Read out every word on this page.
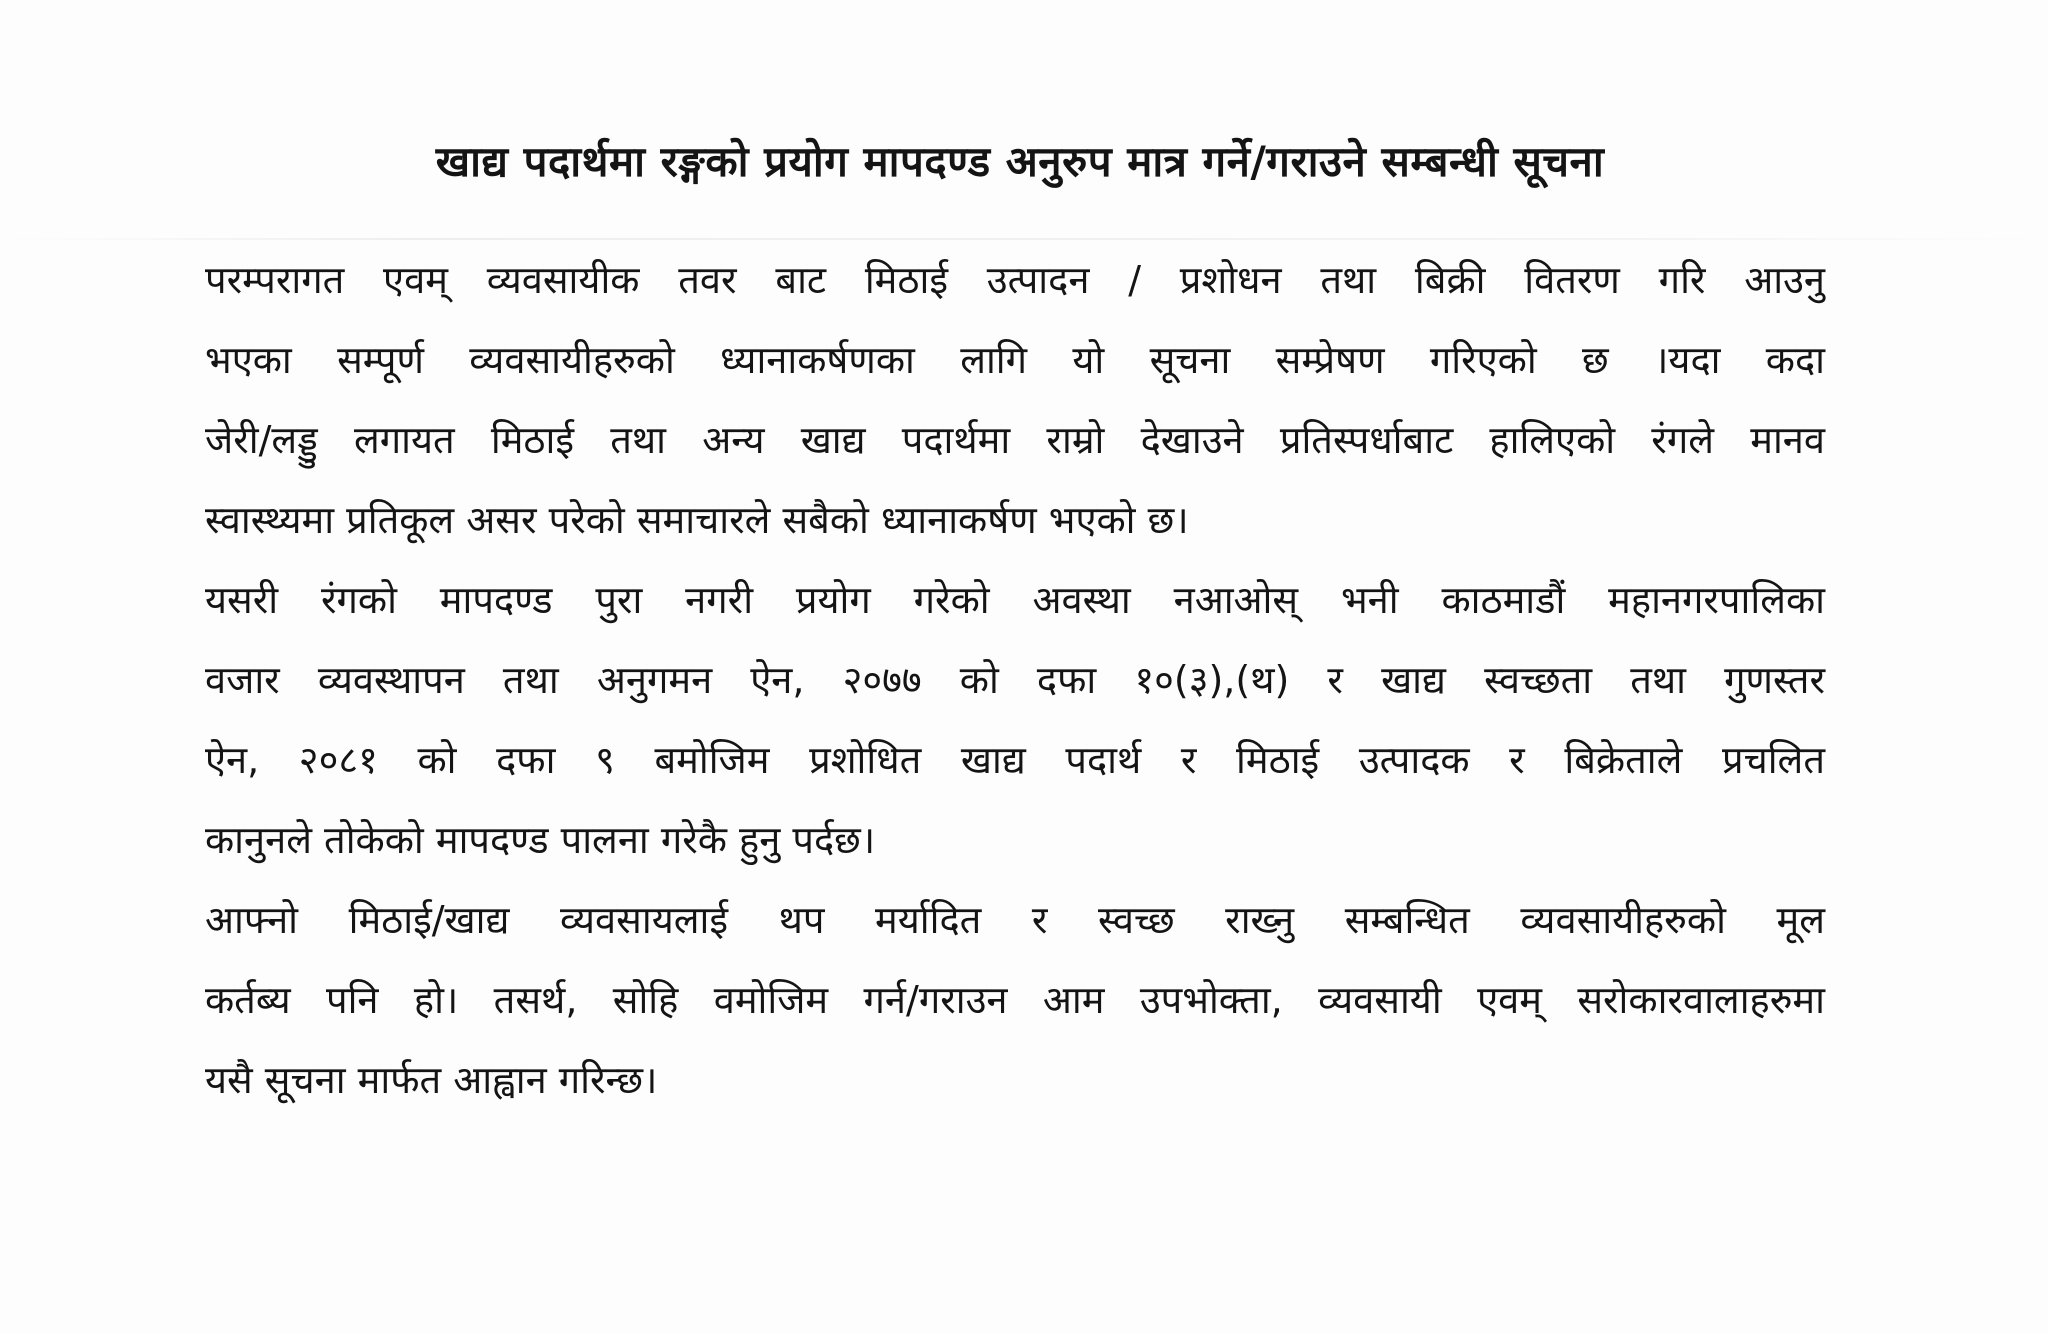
खाद्य पदार्थमा रङ्गको प्रयोग मापदण्ड अनुरुप मात्र गर्ने/गराउने सम्बन्धी सूचना
परम्परागत एवम् व्यवसायीक तवर बाट मिठाई उत्पादन / प्रशोधन तथा बिक्री वितरण गरि आउनु
भएका सम्पूर्ण व्यवसायीहरुको ध्यानाकर्षणका लागि यो सूचना सम्प्रेषण गरिएको छ ।यदा कदा
जेरी/लड्डु लगायत मिठाई तथा अन्य खाद्य पदार्थमा राम्रो देखाउने प्रतिस्पर्धाबाट हालिएको रंगले मानव
स्वास्थ्यमा प्रतिकूल असर परेको समाचारले सबैको ध्यानाकर्षण भएको छ।
यसरी रंगको मापदण्ड पुरा नगरी प्रयोग गरेको अवस्था नआओस् भनी काठमाडौं महानगरपालिका
वजार व्यवस्थापन तथा अनुगमन ऐन, २०७७ को दफा १०(३),(थ) र खाद्य स्वच्छता तथा गुणस्तर
ऐन, २०८१ को दफा ९ बमोजिम प्रशोधित खाद्य पदार्थ र मिठाई उत्पादक र बिक्रेताले प्रचलित
कानुनले तोकेको मापदण्ड पालना गरेकै हुनु पर्दछ।
आफ्नो मिठाई/खाद्य व्यवसायलाई थप मर्यादित र स्वच्छ राख्नु सम्बन्धित व्यवसायीहरुको मूल
कर्तब्य पनि हो। तसर्थ, सोहि वमोजिम गर्न/गराउन आम उपभोक्ता, व्यवसायी एवम् सरोकारवालाहरुमा
यसै सूचना मार्फत आह्वान गरिन्छ।
